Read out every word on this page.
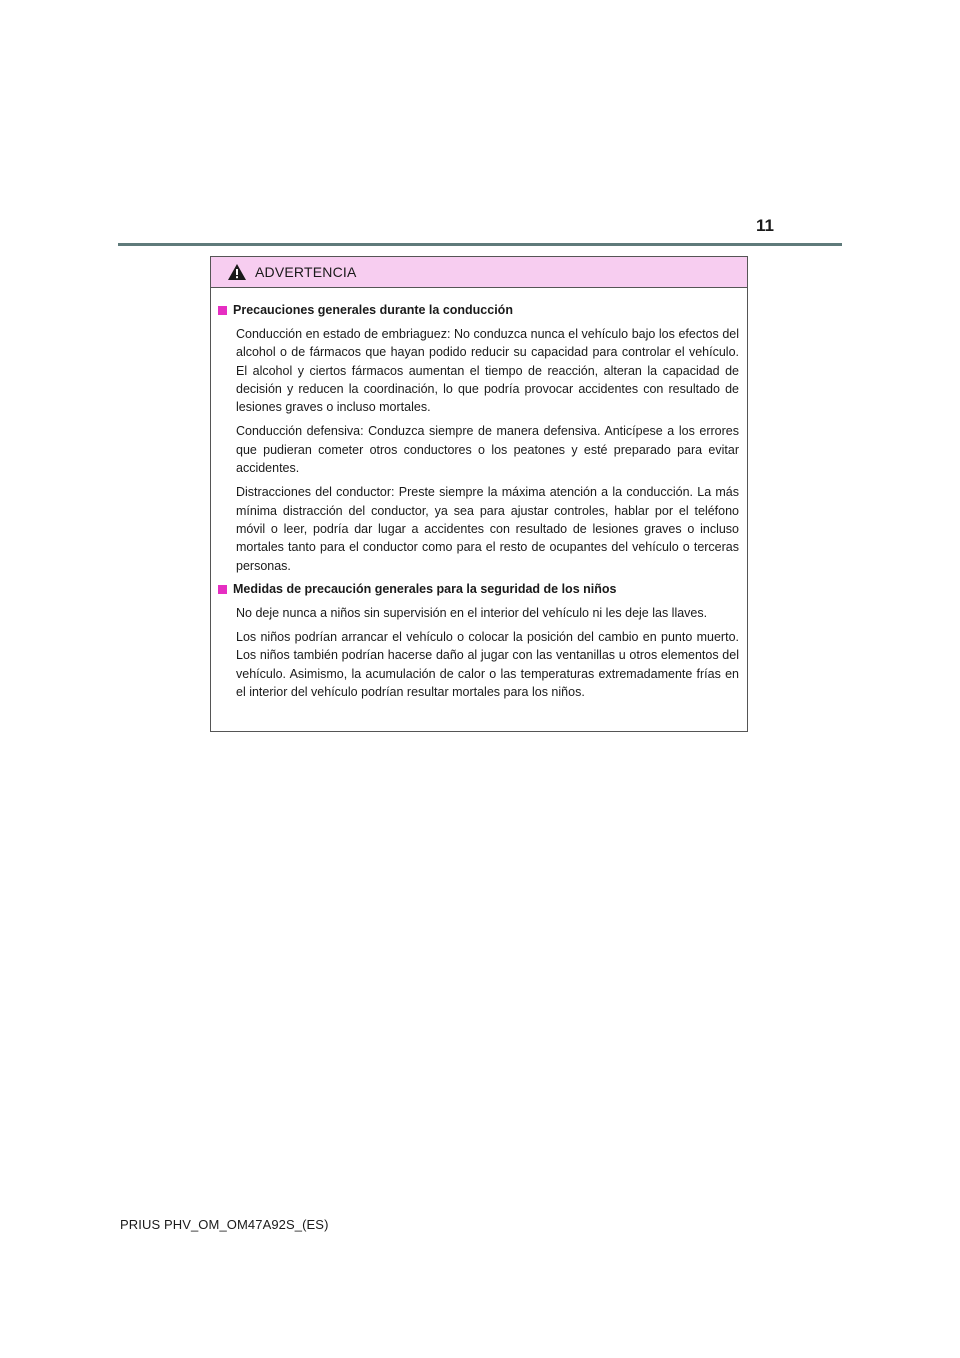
11
ADVERTENCIA
Precauciones generales durante la conducción

Conducción en estado de embriaguez: No conduzca nunca el vehículo bajo los efectos del alcohol o de fármacos que hayan podido reducir su capacidad para controlar el vehículo. El alcohol y ciertos fármacos aumentan el tiempo de reacción, alteran la capacidad de decisión y reducen la coordinación, lo que podría provocar accidentes con resultado de lesiones graves o incluso mortales.

Conducción defensiva: Conduzca siempre de manera defensiva. Anticípese a los errores que pudieran cometer otros conductores o los peatones y esté preparado para evitar accidentes.

Distracciones del conductor: Preste siempre la máxima atención a la conducción. La más mínima distracción del conductor, ya sea para ajustar controles, hablar por el teléfono móvil o leer, podría dar lugar a accidentes con resultado de lesiones graves o incluso mortales tanto para el conductor como para el resto de ocupantes del vehículo o terceras personas.

Medidas de precaución generales para la seguridad de los niños

No deje nunca a niños sin supervisión en el interior del vehículo ni les deje las llaves.

Los niños podrían arrancar el vehículo o colocar la posición del cambio en punto muerto. Los niños también podrían hacerse daño al jugar con las ventanillas u otros elementos del vehículo. Asimismo, la acumulación de calor o las temperaturas extremadamente frías en el interior del vehículo podrían resultar mortales para los niños.

PRIUS PHV_OM_OM47A92S_(ES)
